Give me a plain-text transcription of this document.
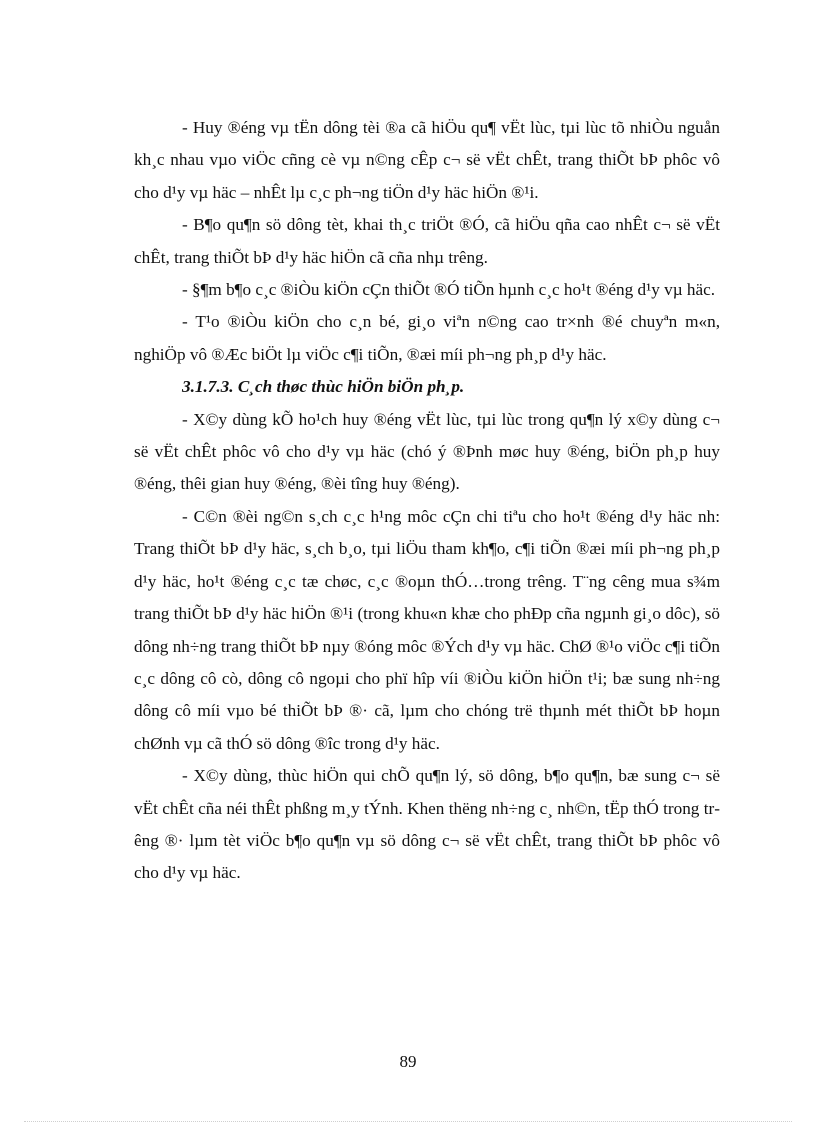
- Huy ®éng vµ tËn dông tèi ®a cã hiÖu qu¶ vËt lùc, tµi lùc tõ nhiÒu nguån kh¸c nhau vµo viÖc cñng cè vµ n©ng cÊp c¬ së vËt chÊt, trang thiÕt bÞ phôc vô cho d¹y vµ häc – nhÊt lµ c¸c ph¬ng tiÖn d¹y häc hiÖn ®¹i.

- B¶o qu¶n sö dông tèt, khai th¸c triÖt ®Ó, cã hiÖu qña cao nhÊt c¬ së vËt chÊt, trang thiÕt bÞ d¹y häc hiÖn cã cña nhµ trêng.

- §¶m b¶o c¸c ®iÒu kiÖn cÇn thiÕt ®Ó tiÕn hµnh c¸c ho¹t ®éng d¹y vµ häc.

- T¹o ®iÒu kiÖn cho c¸n bé, gi¸o viªn n©ng cao tr×nh ®é chuyªn m«n, nghiÖp vô ®Æc biÖt lµ viÖc c¶i tiÕn, ®æi míi ph¬ng ph¸p d¹y häc.

3.1.7.3. C¸ch thøc thùc hiÖn biÖn ph¸p.

- X©y dùng kÕ ho¹ch huy ®éng vËt lùc, tµi lùc trong qu¶n lý x©y dùng c¬ së vËt chÊt phôc vô cho d¹y vµ häc (chó ý ®Þnh møc huy ®éng, biÖn ph¸p huy ®éng, thêi gian huy ®éng, ®èi tîng huy ®éng).

- C©n ®èi ng©n s¸ch c¸c h¹ng môc cÇn chi tiªu cho ho¹t ®éng d¹y häc nh: Trang thiÕt bÞ d¹y häc, s¸ch b¸o, tµi liÖu tham kh¶o, c¶i tiÕn ®æi míi ph¬ng ph¸p d¹y häc, ho¹t ®éng c¸c tæ chøc, c¸c ®oµn thÓ…trong trêng. T¨ng cêng mua s¾m trang thiÕt bÞ d¹y häc hiÖn ®¹i (trong khu«n khæ cho phÐp cña ngµnh gi¸o dôc), sö dông nh÷ng trang thiÕt bÞ nµy ®óng môc ®Ých d¹y vµ häc. ChØ ®¹o viÖc c¶i tiÕn c¸c dông cô cò, dông cô ngoµi cho phï hîp víi ®iÒu kiÖn hiÖn t¹i; bæ sung nh÷ng dông cô míi vµo bé thiÕt bÞ ®· cã, lµm cho chóng trë thµnh mét thiÕt bÞ hoµn chØnh vµ cã thÓ sö dông ®îc trong d¹y häc.

- X©y dùng, thùc hiÖn qui chÕ qu¶n lý, sö dông, b¶o qu¶n, bæ sung c¬ së vËt chÊt cña néi thÊt phßng m¸y tÝnh. Khen thëng nh÷ng c¸ nh©n, tËp thÓ trong trêng ®· lµm tèt viÖc b¶o qu¶n vµ sö dông c¬ së vËt chÊt, trang thiÕt bÞ phôc vô cho d¹y vµ häc.

89
